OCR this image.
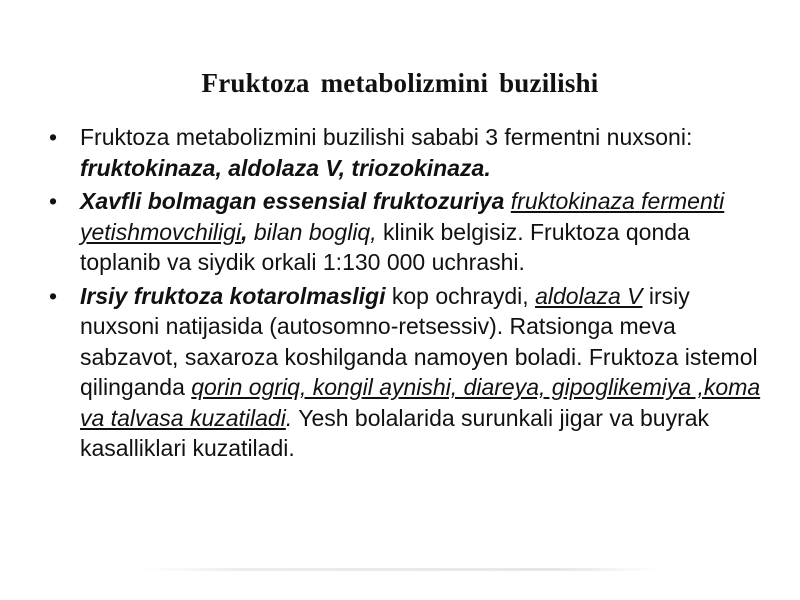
Fruktoza metabolizmini buzilishi
• Fruktoza metabolizmini buzilishi sababi 3 fermentni nuxsoni: fruktokinaza, aldolaza V, triozokinaza.
• Xavfli bolmagan essensial fruktozuriya fruktokinaza fermenti yetishmovchiligi, bilan bogliq, klinik belgisiz. Fruktoza qonda toplanib va siydik orkali 1:130 000 uchrashi.
• Irsiy fruktoza kotarolmasligi kop ochraydi, aldolaza V irsiy nuxsoni natijasida (autosomno-retsessiv). Ratsionga meva sabzavot, saxaroza koshilganda namoyen boladi. Fruktoza istemol qilinganda qorin ogriq, kongil aynishi, diareya, gipoglikemiya ,koma va talvasa kuzatiladi. Yesh bolalarida surunkali jigar va buyrak kasalliklari kuzatiladi.
